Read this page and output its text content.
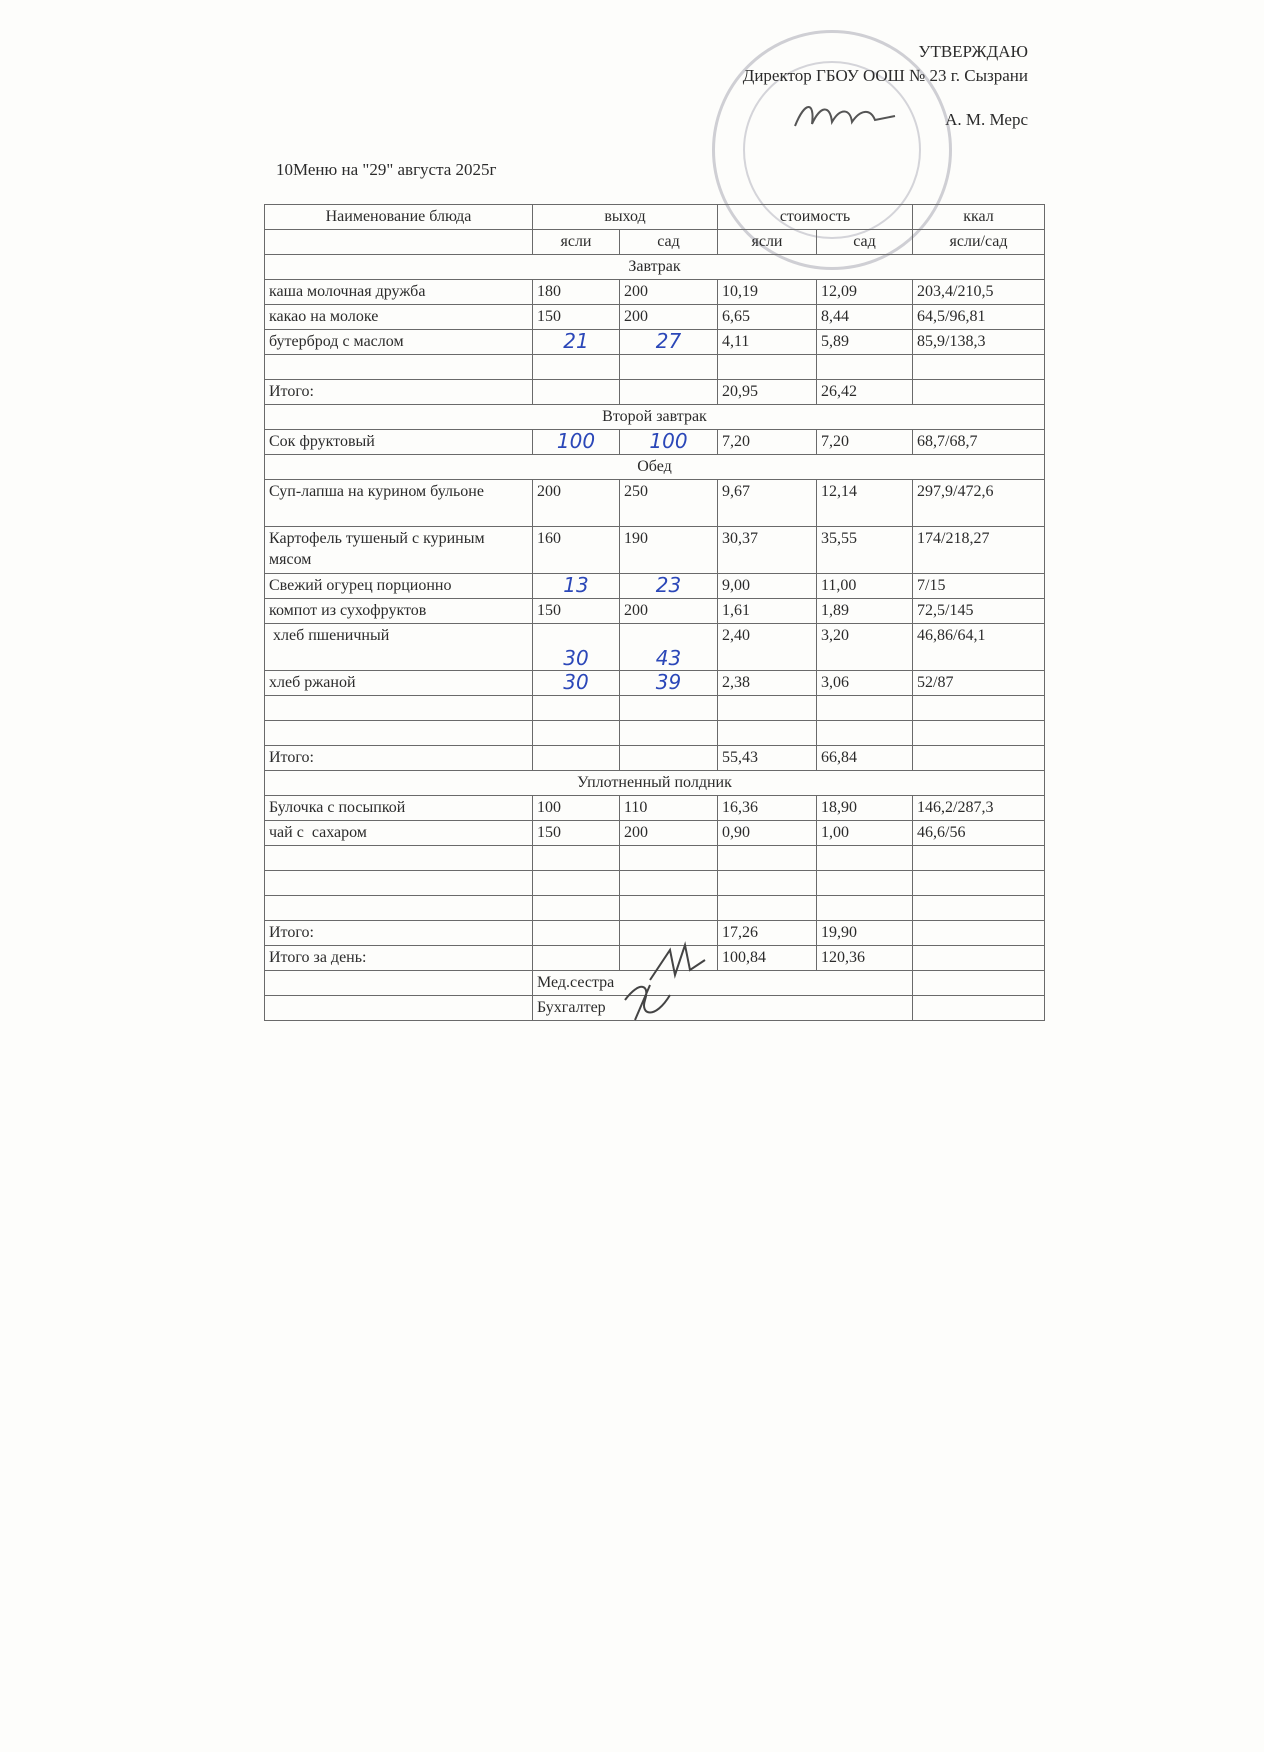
УТВЕРЖДАЮ
Директор ГБОУ ООШ № 23 г. Сызрани
А. М. Мерс
10Меню на "29" августа 2025г
Наименование блюда	выход		стоимость		ккал
	ясли	сад	ясли	сад	ясли/сад
Завтрак					
каша молочная дружба	180	200	10,19	12,09	203,4/210,5
какао на молоке	150	200	6,65	8,44	64,5/96,81
бутерброд с маслом	21	27	4,11	5,89	85,9/138,3

Итого:			20,95	26,42	
Второй завтрак					
Сок фруктовый	100	100	7,20	7,20	68,7/68,7
Обед					
Суп-лапша на курином бульоне	200	250	9,67	12,14	297,9/472,6
Картофель тушеный с куриным мясом	160	190	30,37	35,55	174/218,27
Свежий огурец порционно	13	23	9,00	11,00	7/15
компот из сухофруктов	150	200	1,61	1,89	72,5/145
хлеб пшеничный	30	43	2,40	3,20	46,86/64,1
хлеб ржаной	30	39	2,38	3,06	52/87

Итого:			55,43	66,84	
Уплотненный полдник					
Булочка с посыпкой	100	110	16,36	18,90	146,2/287,3
чай с  сахаром	150	200	0,90	1,00	46,6/56

Итого:			17,26	19,90	
Итого за день:			100,84	120,36	
	Мед.сестра				
	Бухгалтер				
